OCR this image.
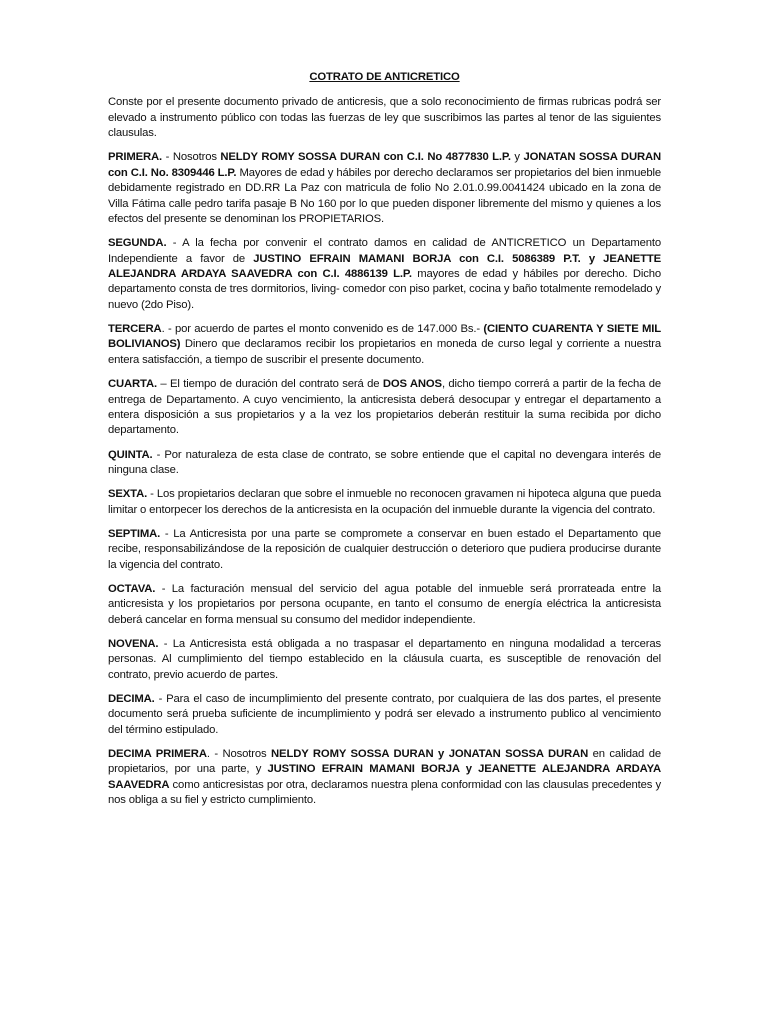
COTRATO DE ANTICRETICO

Conste por el presente documento privado de anticresis, que a solo reconocimiento de firmas rubricas podrá ser elevado a instrumento público con todas las fuerzas de ley que suscribimos las partes al tenor de las siguientes clausulas.

PRIMERA. - Nosotros NELDY ROMY SOSSA DURAN con C.I. No 4877830 L.P. y JONATAN SOSSA DURAN con C.I. No. 8309446 L.P. Mayores de edad y hábiles por derecho declaramos ser propietarios del bien inmueble debidamente registrado en DD.RR La Paz con matricula de folio No 2.01.0.99.0041424 ubicado en la zona de Villa Fátima calle pedro tarifa pasaje B No 160 por lo que pueden disponer libremente del mismo y quienes a los efectos del presente se denominan los PROPIETARIOS.

SEGUNDA. - A la fecha por convenir el contrato damos en calidad de ANTICRETICO un Departamento Independiente a favor de JUSTINO EFRAIN MAMANI BORJA con C.I. 5086389 P.T. y JEANETTE ALEJANDRA ARDAYA SAAVEDRA con C.I. 4886139 L.P. mayores de edad y hábiles por derecho. Dicho departamento consta de tres dormitorios, living- comedor con piso parket, cocina y baño totalmente remodelado y nuevo (2do Piso).

TERCERA. - por acuerdo de partes el monto convenido es de 147.000 Bs.- (CIENTO CUARENTA Y SIETE MIL BOLIVIANOS) Dinero que declaramos recibir los propietarios en moneda de curso legal y corriente a nuestra entera satisfacción, a tiempo de suscribir el presente documento.

CUARTA. – El tiempo de duración del contrato será de DOS ANOS, dicho tiempo correrá a partir de la fecha de entrega de Departamento. A cuyo vencimiento, la anticresista deberá desocupar y entregar el departamento a entera disposición a sus propietarios y a la vez los propietarios deberán restituir la suma recibida por dicho departamento.

QUINTA. - Por naturaleza de esta clase de contrato, se sobre entiende que el capital no devengara interés de ninguna clase.

SEXTA. - Los propietarios declaran que sobre el inmueble no reconocen gravamen ni hipoteca alguna que pueda limitar o entorpecer los derechos de la anticresista en la ocupación del inmueble durante la vigencia del contrato.

SEPTIMA. - La Anticresista por una parte se compromete a conservar en buen estado el Departamento que recibe, responsabilizándose de la reposición de cualquier destrucción o deterioro que pudiera producirse durante la vigencia del contrato.

OCTAVA. - La facturación mensual del servicio del agua potable del inmueble será prorrateada entre la anticresista y los propietarios por persona ocupante, en tanto el consumo de energía eléctrica la anticresista deberá cancelar en forma mensual su consumo del medidor independiente.

NOVENA. - La Anticresista está obligada a no traspasar el departamento en ninguna modalidad a terceras personas. Al cumplimiento del tiempo establecido en la cláusula cuarta, es susceptible de renovación del contrato, previo acuerdo de partes.

DECIMA. - Para el caso de incumplimiento del presente contrato, por cualquiera de las dos partes, el presente documento será prueba suficiente de incumplimiento y podrá ser elevado a instrumento publico al vencimiento del término estipulado.

DECIMA PRIMERA. - Nosotros NELDY ROMY SOSSA DURAN y JONATAN SOSSA DURAN en calidad de propietarios, por una parte, y JUSTINO EFRAIN MAMANI BORJA y JEANETTE ALEJANDRA ARDAYA SAAVEDRA como anticresistas por otra, declaramos nuestra plena conformidad con las clausulas precedentes y nos obliga a su fiel y estricto cumplimiento.
